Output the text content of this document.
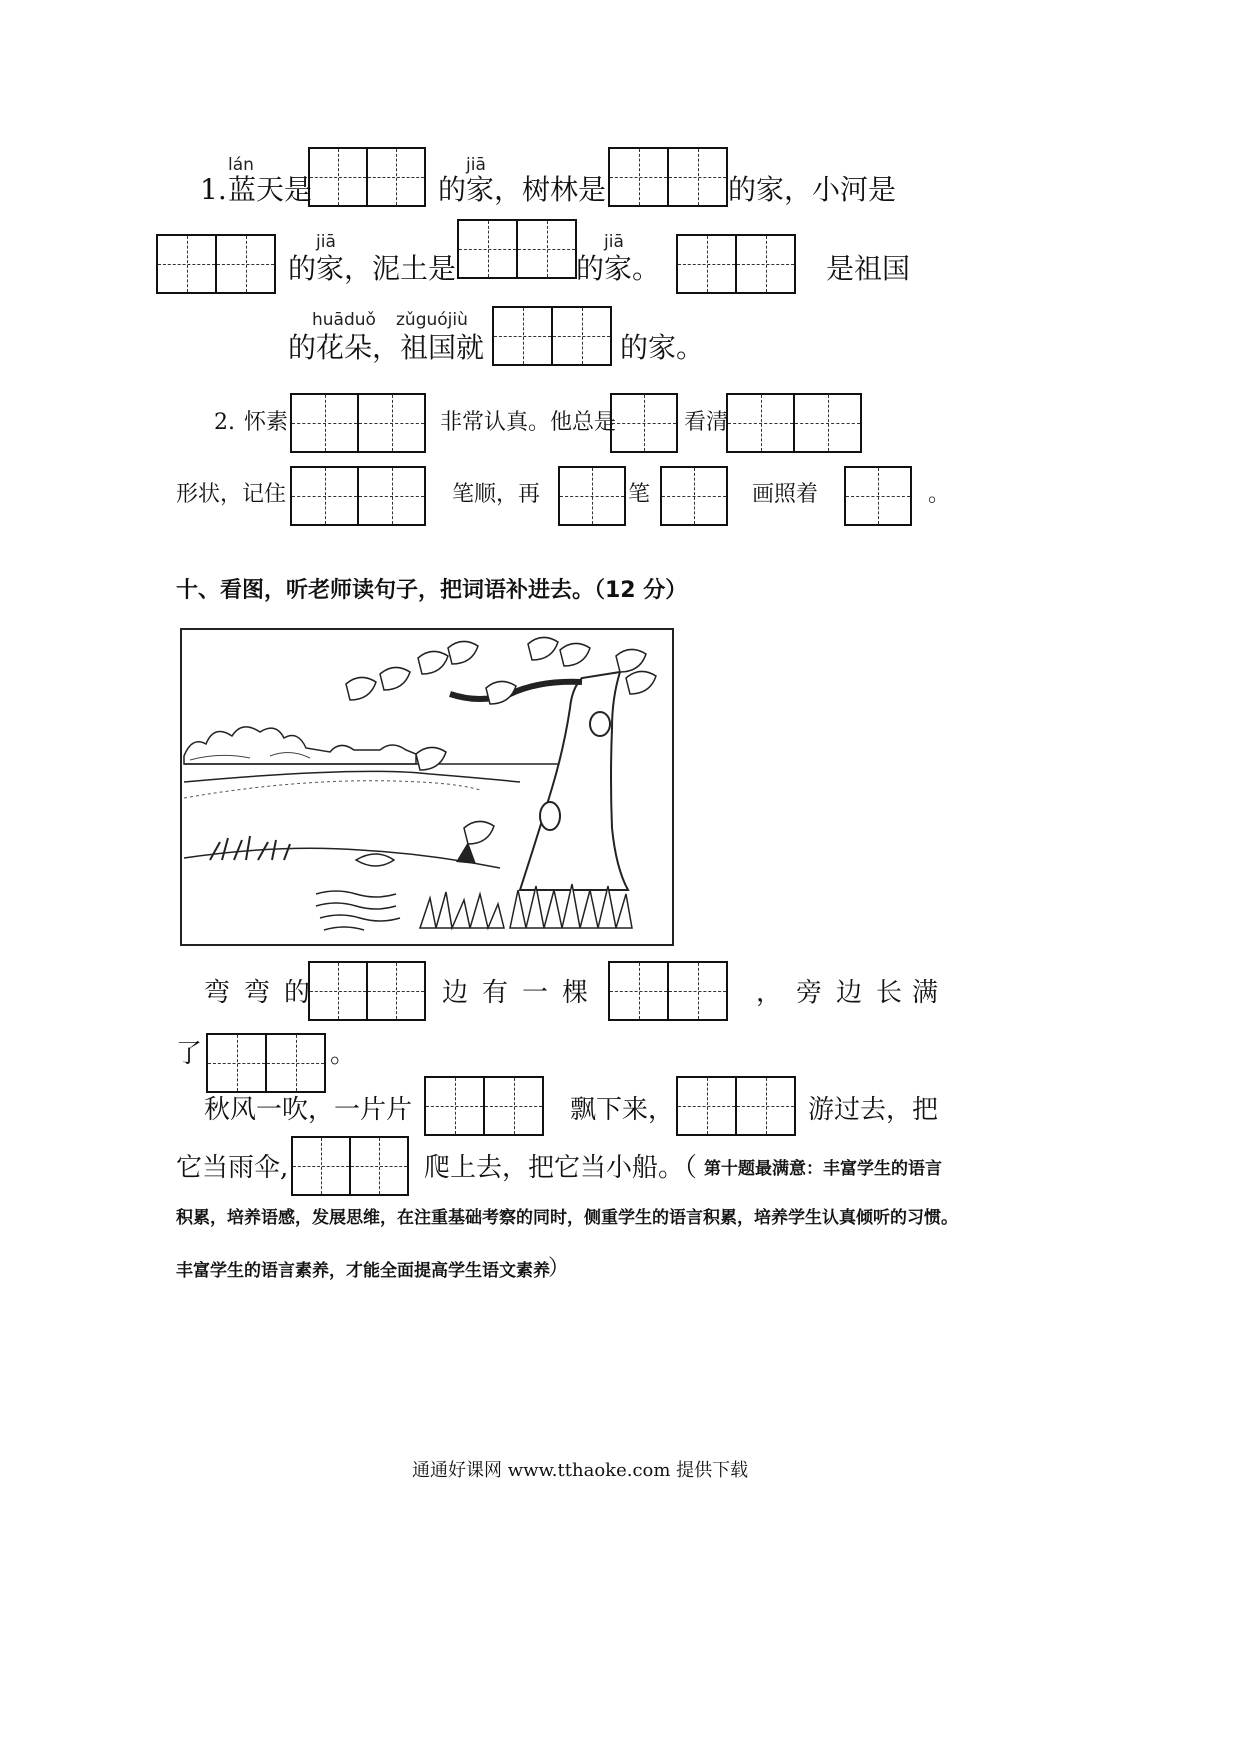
lán	jiā
1. 蓝天是	的家，树林是	的家，小河是
jiā
的家，泥土是
jiā
的家。	是祖国
huāduǒ zǔguójiù
的花朵，祖国就	的家。
2. 怀素	非常认真。他总是	看清
形状，记住	笔顺，再	笔	画照着	。
十、看图，听老师读句子，把词语补进去。（12 分）
弯弯的	边有一棵	，旁边长
满
了	。
秋风一吹，一片片	飘下来，	游过去，把
它当雨伞,	爬上去，把它当小船。（ 第十题最满意：丰富学生的语言
积累，培养语感，发展思维，在注重基础考察的同时，侧重学生的语言积累，培养学生认真倾听的习惯。
丰富学生的语言素养，才能全面提高学生语文素养
）
通通好课网 www.tthaoke.com 提供下载
